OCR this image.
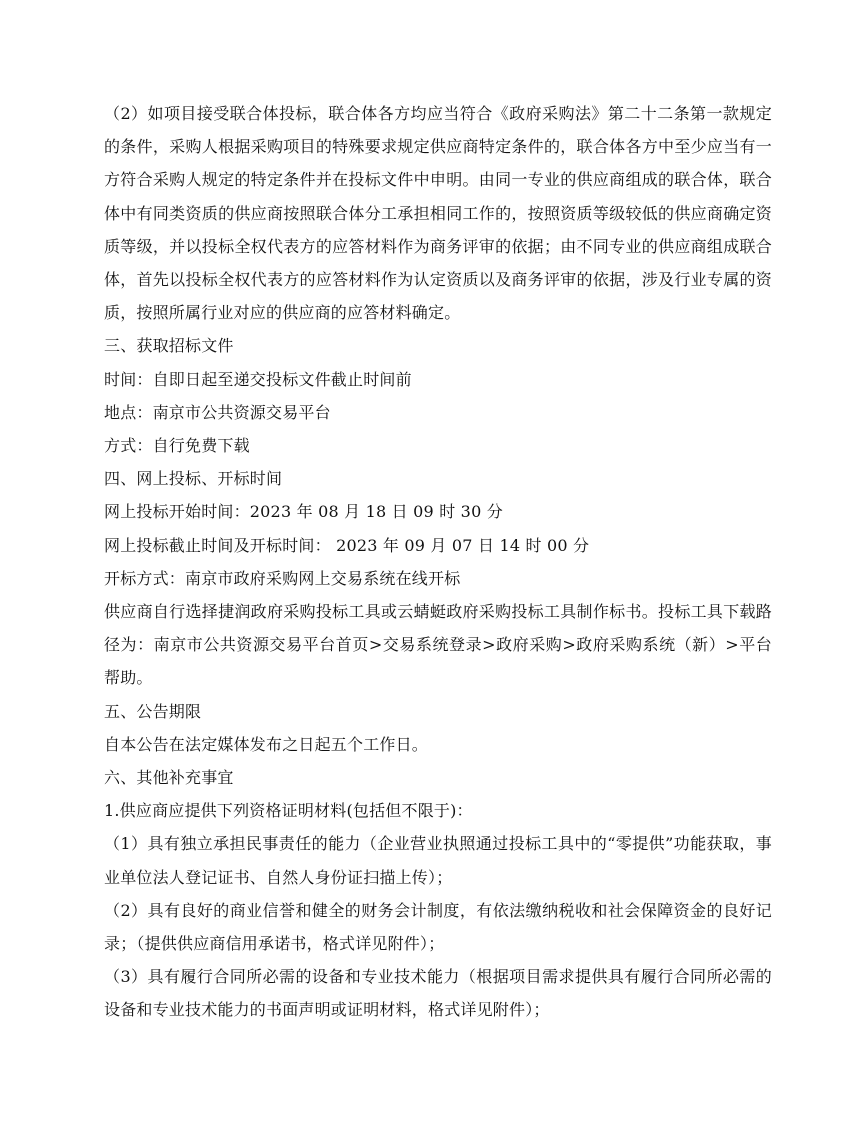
（2）如项目接受联合体投标，联合体各方均应当符合《政府采购法》第二十二条第一款规定的条件，采购人根据采购项目的特殊要求规定供应商特定条件的，联合体各方中至少应当有一方符合采购人规定的特定条件并在投标文件中申明。由同一专业的供应商组成的联合体，联合体中有同类资质的供应商按照联合体分工承担相同工作的，按照资质等级较低的供应商确定资质等级，并以投标全权代表方的应答材料作为商务评审的依据；由不同专业的供应商组成联合体，首先以投标全权代表方的应答材料作为认定资质以及商务评审的依据，涉及行业专属的资质，按照所属行业对应的供应商的应答材料确定。

三、获取招标文件

时间：自即日起至递交投标文件截止时间前

地点：南京市公共资源交易平台

方式：自行免费下载

四、网上投标、开标时间

网上投标开始时间：2023 年 08 月 18 日 09 时 30 分

网上投标截止时间及开标时间： 2023 年 09 月 07 日 14 时 00 分

开标方式：南京市政府采购网上交易系统在线开标

供应商自行选择捷润政府采购投标工具或云蜻蜓政府采购投标工具制作标书。投标工具下载路径为：南京市公共资源交易平台首页>交易系统登录>政府采购>政府采购系统（新）>平台帮助。

五、公告期限

自本公告在法定媒体发布之日起五个工作日。

六、其他补充事宜

1.供应商应提供下列资格证明材料(包括但不限于)：

（1）具有独立承担民事责任的能力（企业营业执照通过投标工具中的“零提供”功能获取，事业单位法人登记证书、自然人身份证扫描上传）；

（2）具有良好的商业信誉和健全的财务会计制度，有依法缴纳税收和社会保障资金的良好记录；（提供供应商信用承诺书，格式详见附件）；

（3）具有履行合同所必需的设备和专业技术能力（根据项目需求提供具有履行合同所必需的设备和专业技术能力的书面声明或证明材料，格式详见附件）；
